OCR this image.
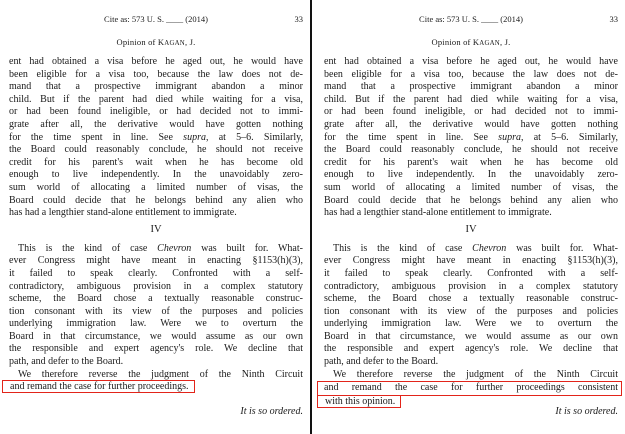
Cite as: 573 U. S. ____ (2014)	33
Opinion of KAGAN, J.
ent had obtained a visa before he aged out, he would have
been eligible for a visa too, because the law does not de-
mand that a prospective immigrant abandon a minor
child. But if the parent had died while waiting for a visa,
or had been found ineligible, or had decided not to immi-
grate after all, the derivative would have gotten nothing
for the time spent in line. See supra, at 5–6. Similarly,
the Board could reasonably conclude, he should not receive
credit for his parent's wait when he has become old
enough to live independently. In the unavoidably zero-
sum world of allocating a limited number of visas, the
Board could decide that he belongs behind any alien who
has had a lengthier stand-alone entitlement to immigrate.
IV
This is the kind of case Chevron was built for. What-
ever Congress might have meant in enacting §1153(h)(3),
it failed to speak clearly. Confronted with a self-
contradictory, ambiguous provision in a complex statutory
scheme, the Board chose a textually reasonable construc-
tion consonant with its view of the purposes and policies
underlying immigration law. Were we to overturn the
Board in that circumstance, we would assume as our own
the responsible and expert agency's role. We decline that
path, and defer to the Board.
We therefore reverse the judgment of the Ninth Circuit
and remand the case for further proceedings.
It is so ordered.
Cite as: 573 U. S. ____ (2014)	33
Opinion of KAGAN, J.
ent had obtained a visa before he aged out, he would have
been eligible for a visa too, because the law does not de-
mand that a prospective immigrant abandon a minor
child. But if the parent had died while waiting for a visa,
or had been found ineligible, or had decided not to immi-
grate after all, the derivative would have gotten nothing
for the time spent in line. See supra, at 5–6. Similarly,
the Board could reasonably conclude, he should not receive
credit for his parent's wait when he has become old
enough to live independently. In the unavoidably zero-
sum world of allocating a limited number of visas, the
Board could decide that he belongs behind any alien who
has had a lengthier stand-alone entitlement to immigrate.
IV
This is the kind of case Chevron was built for. What-
ever Congress might have meant in enacting §1153(h)(3),
it failed to speak clearly. Confronted with a self-
contradictory, ambiguous provision in a complex statutory
scheme, the Board chose a textually reasonable construc-
tion consonant with its view of the purposes and policies
underlying immigration law. Were we to overturn the
Board in that circumstance, we would assume as our own
the responsible and expert agency's role. We decline that
path, and defer to the Board.
We therefore reverse the judgment of the Ninth Circuit
and remand the case for further proceedings consistent
with this opinion.
It is so ordered.
